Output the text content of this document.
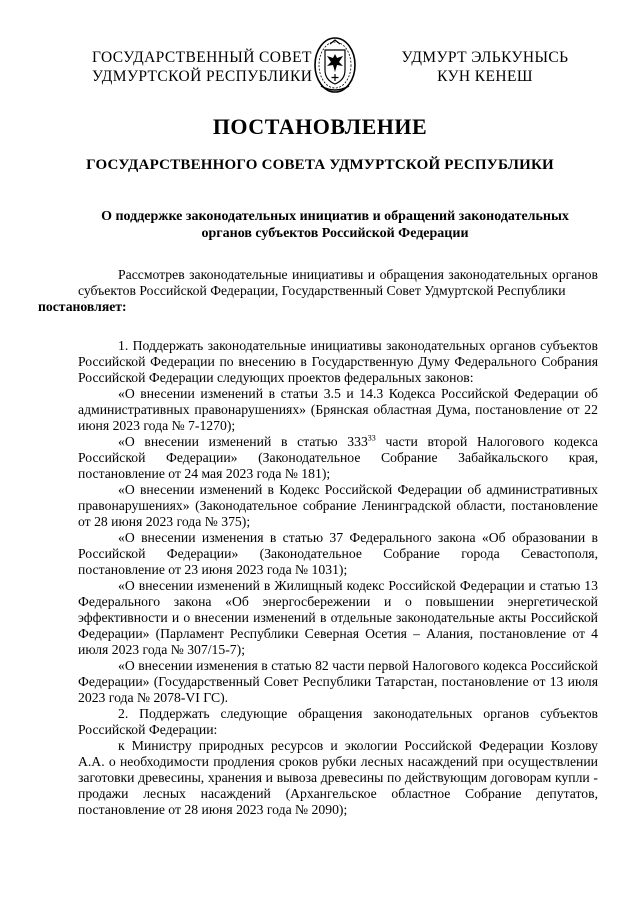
ГОСУДАРСТВЕННЫЙ СОВЕТ
УДМУРТСКОЙ РЕСПУБЛИКИ
УДМУРТ ЭЛЬКУНЫСЬ
КУН КЕНЕШ
ПОСТАНОВЛЕНИЕ
ГОСУДАРСТВЕННОГО СОВЕТА УДМУРТСКОЙ РЕСПУБЛИКИ
О поддержке законодательных инициатив и обращений законодательных органов субъектов Российской Федерации

Рассмотрев законодательные инициативы и обращения законодательных органов субъектов Российской Федерации, Государственный Совет Удмуртской Республики
постановляет:

1. Поддержать законодательные инициативы законодательных органов субъектов Российской Федерации по внесению в Государственную Думу Федерального Собрания Российской Федерации следующих проектов федеральных законов:

«О внесении изменений в статьи 3.5 и 14.3 Кодекса Российской Федерации об административных правонарушениях» (Брянская областная Дума, постановление от 22 июня 2023 года № 7-1270);

«О внесении изменений в статью $333^{33}$ части второй Налогового кодекса Российской Федерации» (Законодательное Собрание Забайкальского края, постановление от 24 мая 2023 года № 181);

«О внесении изменений в Кодекс Российской Федерации об административных правонарушениях» (Законодательное собрание Ленинградской области, постановление от 28 июня 2023 года № 375);

«О внесении изменения в статью 37 Федерального закона «Об образовании в Российской Федерации» (Законодательное Собрание города Севастополя, постановление от 23 июня 2023 года № 1031);

«О внесении изменений в Жилищный кодекс Российской Федерации и статью 13 Федерального закона «Об энергосбережении и о повышении энергетической эффективности и о внесении изменений в отдельные законодательные акты Российской Федерации» (Парламент Республики Северная Осетия – Алания, постановление от 4 июля 2023 года № 307/15-7);

«О внесении изменения в статью 82 части первой Налогового кодекса Российской Федерации» (Государственный Совет Республики Татарстан, постановление от 13 июля 2023 года № 2078-VI ГС).

2. Поддержать следующие обращения законодательных органов субъектов Российской Федерации:

к Министру природных ресурсов и экологии Российской Федерации Козлову А.А. о необходимости продления сроков рубки лесных насаждений при осуществлении заготовки древесины, хранения и вывоза древесины по действующим договорам купли - продажи лесных насаждений (Архангельское областное Собрание депутатов, постановление от 28 июня 2023 года № 2090);
